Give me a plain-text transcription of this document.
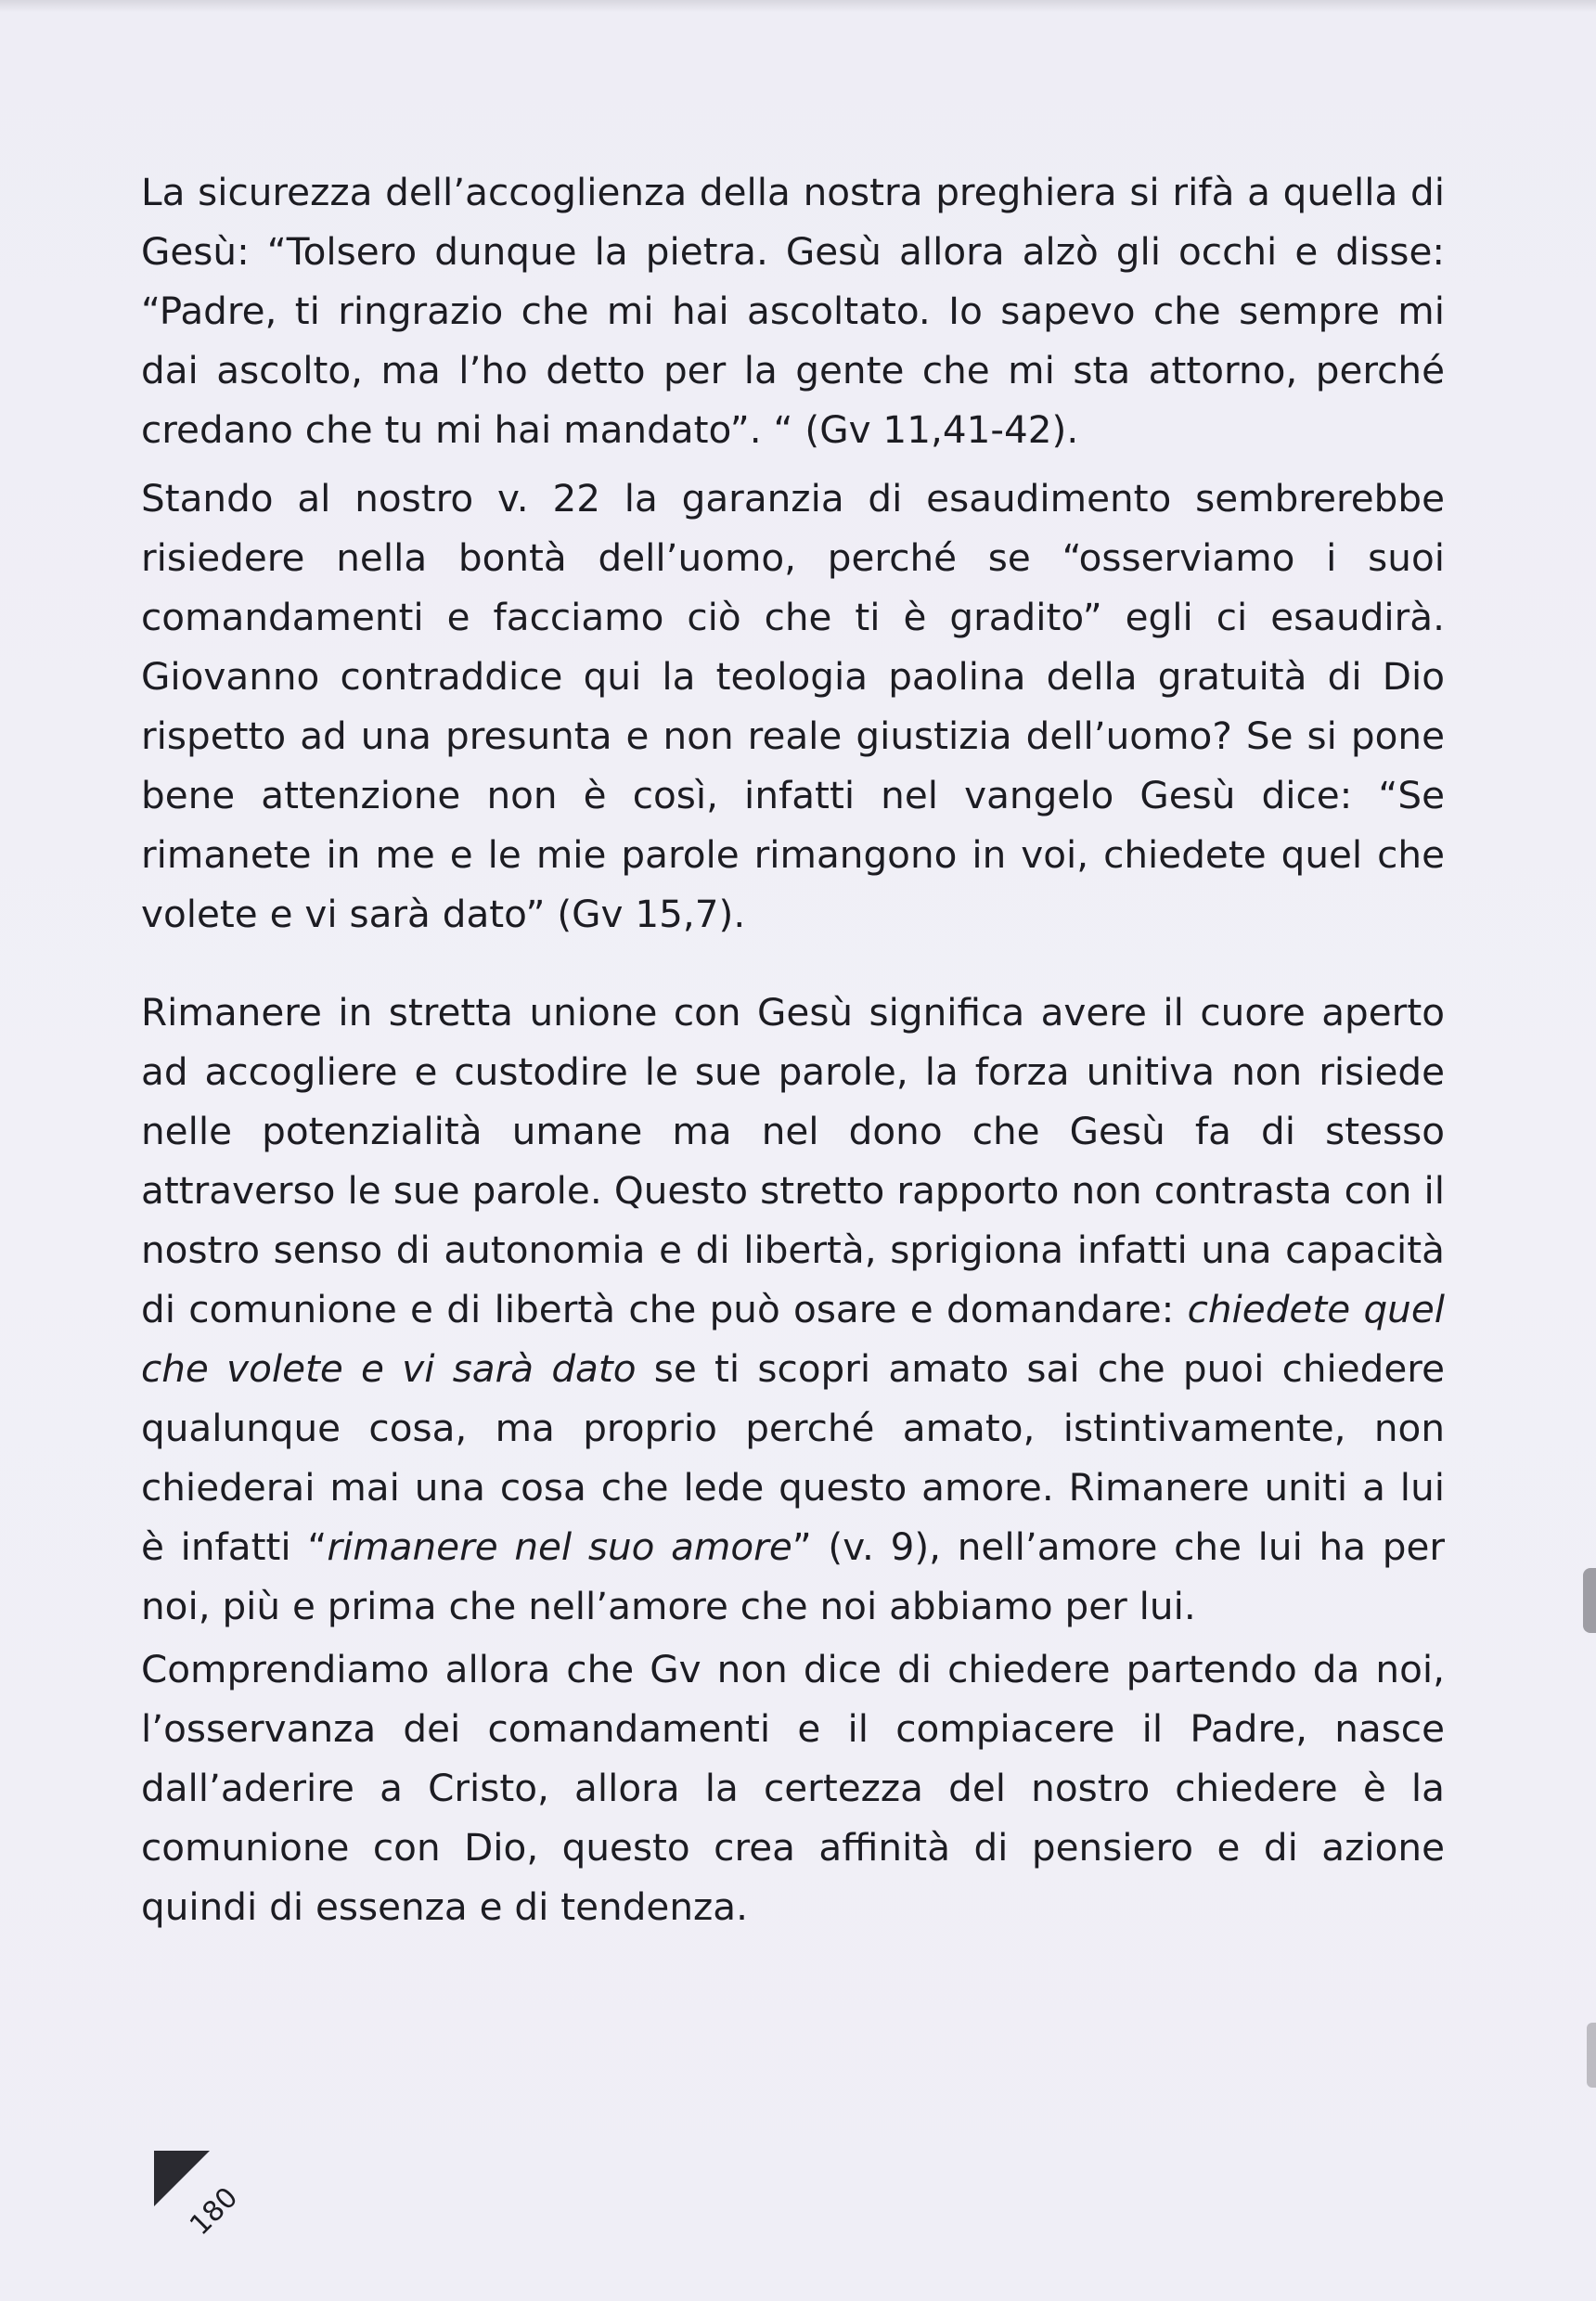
La sicurezza dell’accoglienza della nostra preghiera si rifà a quella di Gesù: “Tolsero dunque la pietra. Gesù allora alzò gli occhi e disse: “Padre, ti ringrazio che mi hai ascoltato. Io sapevo che sempre mi dai ascolto, ma l’ho detto per la gente che mi sta attorno, perché credano che tu mi hai mandato”. “ (Gv 11,41-42).

Stando al nostro v. 22 la garanzia di esaudimento sembrerebbe risiedere nella bontà dell’uomo, perché se “osserviamo i suoi comandamenti e facciamo ciò che ti è gradito” egli ci esaudirà. Giovanno contraddice qui la teologia paolina della gratuità di Dio rispetto ad una presunta e non reale giustizia dell’uomo? Se si pone bene attenzione non è così, infatti nel vangelo Gesù dice: “Se rimanete in me e le mie parole rimangono in voi, chiedete quel che volete e vi sarà dato” (Gv 15,7).

Rimanere in stretta unione con Gesù significa avere il cuore aperto ad accogliere e custodire le sue parole, la forza unitiva non risiede nelle potenzialità umane ma nel dono che Gesù fa di stesso attraverso le sue parole. Questo stretto rapporto non contrasta con il nostro senso di autonomia e di libertà, sprigiona infatti una capacità di comunione e di libertà che può osare e domandare: chiedete quel che volete e vi sarà dato se ti scopri amato sai che puoi chiedere qualunque cosa, ma proprio perché amato, istintivamente, non chiederai mai una cosa che lede questo amore. Rimanere uniti a lui è infatti “rimanere nel suo amore” (v. 9), nell’amore che lui ha per noi, più e prima che nell’amore che noi abbiamo per lui.

Comprendiamo allora che Gv non dice di chiedere partendo da noi, l’osservanza dei comandamenti e il compiacere il Padre, nasce dall’aderire a Cristo, allora la certezza del nostro chiedere è la comunione con Dio, questo crea affinità di pensiero e di azione quindi di essenza e di tendenza.

180
